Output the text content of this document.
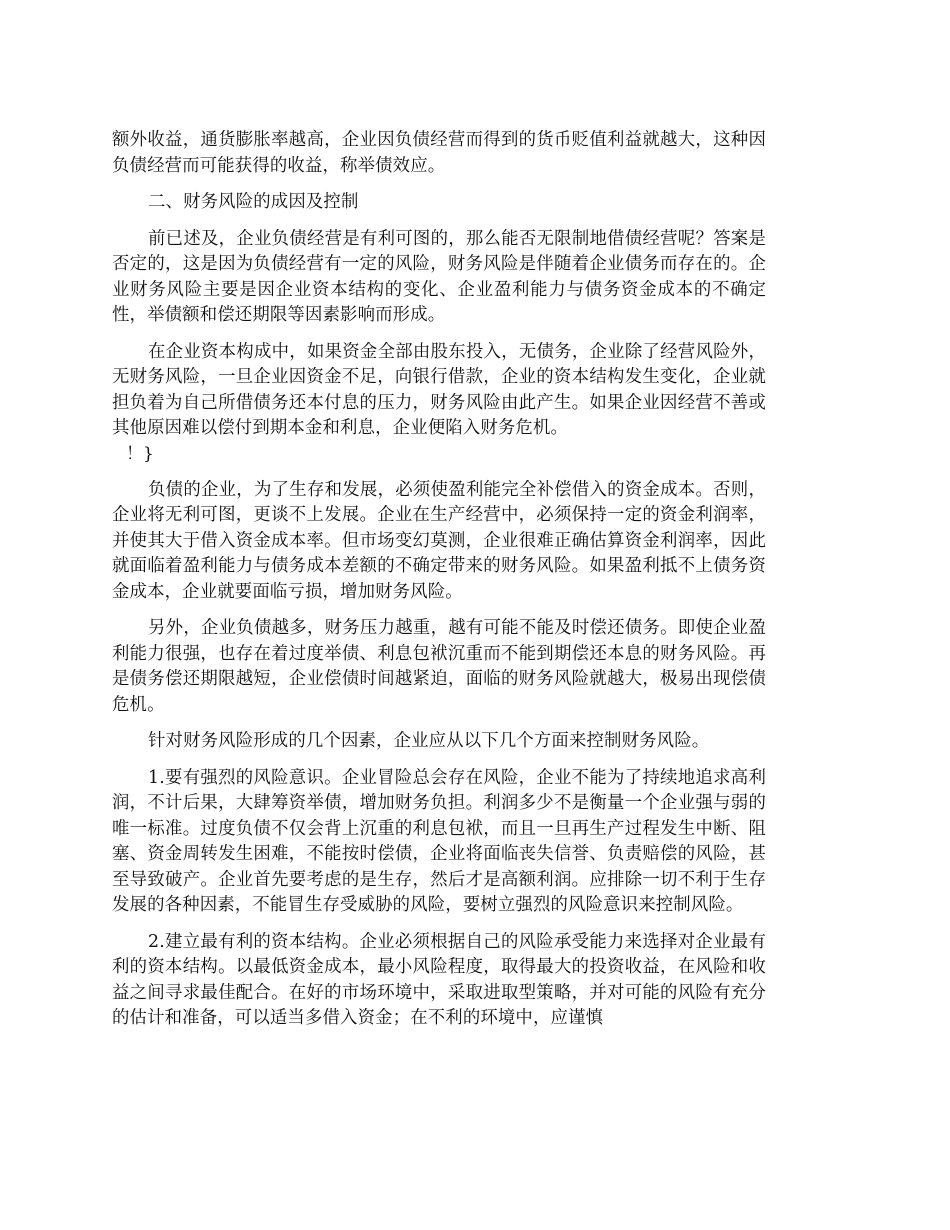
额外收益，通货膨胀率越高，企业因负债经营而得到的货币贬值利益就越大，这种因负债经营而可能获得的收益，称举债效应。

二、财务风险的成因及控制

前已述及，企业负债经营是有利可图的，那么能否无限制地借债经营呢？答案是否定的，这是因为负债经营有一定的风险，财务风险是伴随着企业债务而存在的。企业财务风险主要是因企业资本结构的变化、企业盈利能力与债务资金成本的不确定性，举债额和偿还期限等因素影响而形成。

在企业资本构成中，如果资金全部由股东投入，无债务，企业除了经营风险外，无财务风险，一旦企业因资金不足，向银行借款，企业的资本结构发生变化，企业就担负着为自己所借债务还本付息的压力，财务风险由此产生。如果企业因经营不善或其他原因难以偿付到期本金和利息，企业便陷入财务危机。

！}

负债的企业，为了生存和发展，必须使盈利能完全补偿借入的资金成本。否则，企业将无利可图，更谈不上发展。企业在生产经营中，必须保持一定的资金利润率，并使其大于借入资金成本率。但市场变幻莫测，企业很难正确估算资金利润率，因此就面临着盈利能力与债务成本差额的不确定带来的财务风险。如果盈利抵不上债务资金成本，企业就要面临亏损，增加财务风险。

另外，企业负债越多，财务压力越重，越有可能不能及时偿还债务。即使企业盈利能力很强，也存在着过度举债、利息包袱沉重而不能到期偿还本息的财务风险。再是债务偿还期限越短，企业偿债时间越紧迫，面临的财务风险就越大，极易出现偿债危机。

针对财务风险形成的几个因素，企业应从以下几个方面来控制财务风险。

1.要有强烈的风险意识。企业冒险总会存在风险，企业不能为了持续地追求高利润，不计后果，大肆筹资举债，增加财务负担。利润多少不是衡量一个企业强与弱的唯一标准。过度负债不仅会背上沉重的利息包袱，而且一旦再生产过程发生中断、阻塞、资金周转发生困难，不能按时偿债，企业将面临丧失信誉、负责赔偿的风险，甚至导致破产。企业首先要考虑的是生存，然后才是高额利润。应排除一切不利于生存发展的各种因素，不能冒生存受威胁的风险，要树立强烈的风险意识来控制风险。

2.建立最有利的资本结构。企业必须根据自己的风险承受能力来选择对企业最有利的资本结构。以最低资金成本，最小风险程度，取得最大的投资收益，在风险和收益之间寻求最佳配合。在好的市场环境中，采取进取型策略，并对可能的风险有充分的估计和准备，可以适当多借入资金；在不利的环境中，应谨慎
